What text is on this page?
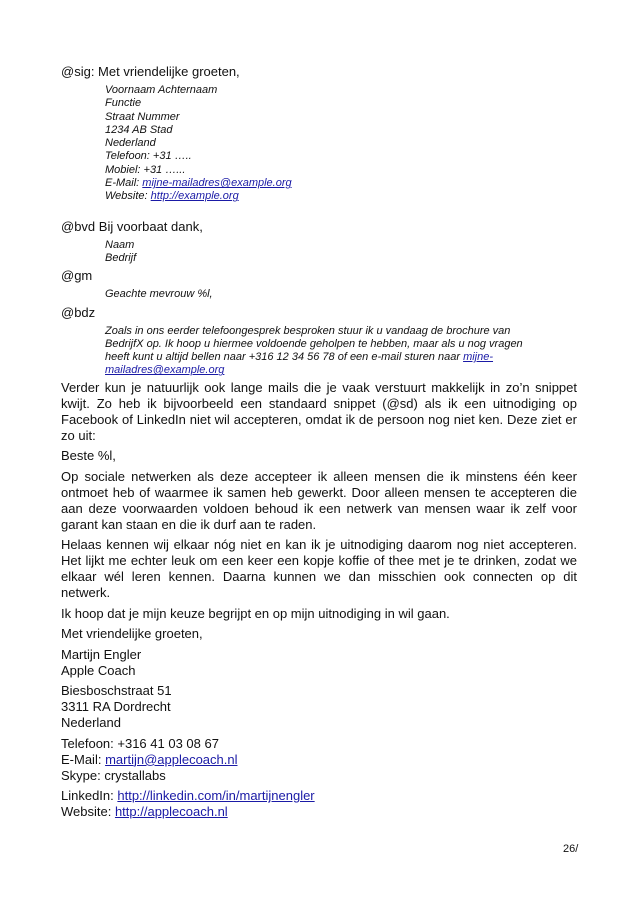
@sig: Met vriendelijke groeten,

Voornaam Achternaam
Functie
Straat Nummer
1234 AB Stad
Nederland
Telefoon: +31 …..
Mobiel: +31 …...
E-Mail: mijne-mailadres@example.org
Website: http://example.org

@bvd Bij voorbaat dank,

Naam
Bedrijf

@gm

Geachte mevrouw %l,

@bdz

Zoals in ons eerder telefoongesprek besproken stuur ik u vandaag de brochure van
BedrijfX op. Ik hoop u hiermee voldoende geholpen te hebben, maar als u nog vragen
heeft kunt u altijd bellen naar +316 12 34 56 78 of een e-mail sturen naar mijne-
mailadres@example.org

Verder kun je natuurlijk ook lange mails die je vaak verstuurt makkelijk in zo’n snippet kwijt. Zo heb ik bijvoorbeeld een standaard snippet (@sd) als ik een uitnodiging op Facebook of LinkedIn niet wil accepteren, omdat ik de persoon nog niet ken. Deze ziet er zo uit:

Beste %l,

Op sociale netwerken als deze accepteer ik alleen mensen die ik minstens één keer ontmoet heb of waarmee ik samen heb gewerkt. Door alleen mensen te accepteren die aan deze voorwaarden voldoen behoud ik een netwerk van mensen waar ik zelf voor garant kan staan en die ik durf aan te raden.

Helaas kennen wij elkaar nóg niet en kan ik je uitnodiging daarom nog niet accepteren. Het lijkt me echter leuk om een keer een kopje koffie of thee met je te drinken, zodat we elkaar wél leren kennen. Daarna kunnen we dan misschien ook connecten op dit netwerk.

Ik hoop dat je mijn keuze begrijpt en op mijn uitnodiging in wil gaan.

Met vriendelijke groeten,

Martijn Engler
Apple Coach
Biesboschstraat 51
3311 RA Dordrecht
Nederland
Telefoon: +316 41 03 08 67
E-Mail: martijn@applecoach.nl
Skype: crystallabs
LinkedIn: http://linkedin.com/in/martijnengler
Website: http://applecoach.nl
26/
